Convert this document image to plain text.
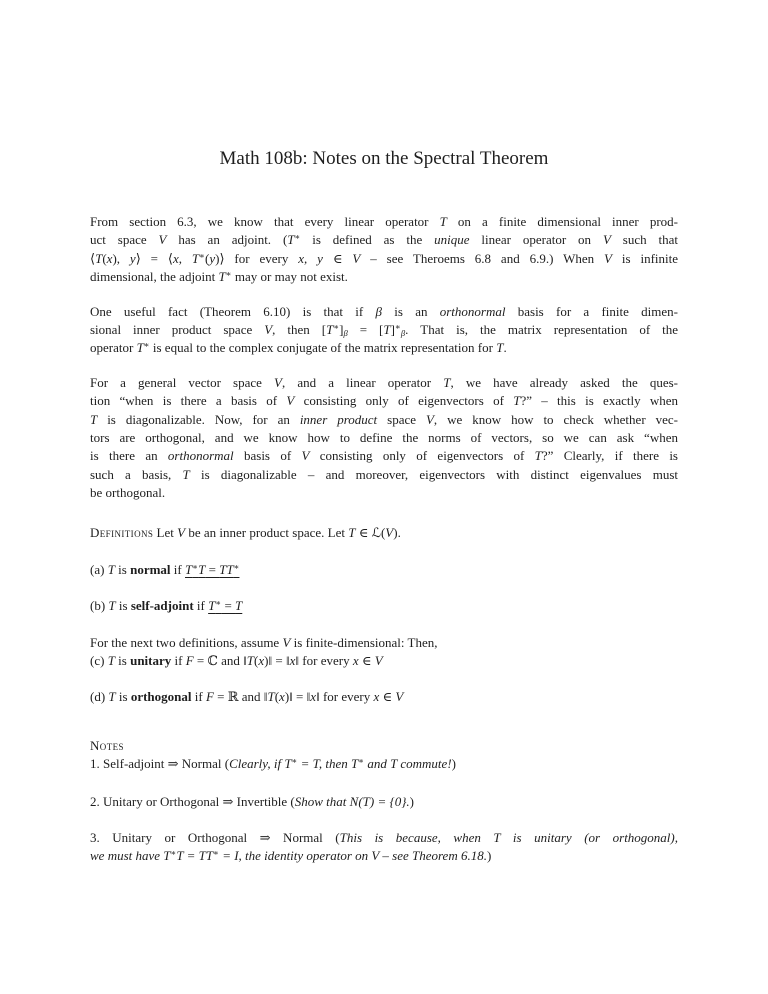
Math 108b: Notes on the Spectral Theorem
From section 6.3, we know that every linear operator T on a finite dimensional inner prod-
uct space V has an adjoint. (T∗ is defined as the unique linear operator on V such that
⟨T(x), y⟩ = ⟨x, T∗(y)⟩ for every x, y ∈ V – see Theroems 6.8 and 6.9.) When V is infinite
dimensional, the adjoint T∗ may or may not exist.
One useful fact (Theorem 6.10) is that if β is an orthonormal basis for a finite dimen-
sional inner product space V, then $[T^∗]_\beta = [T]^∗_\beta$. That is, the matrix representation of the
operator T∗ is equal to the complex conjugate of the matrix representation for T.
For a general vector space V, and a linear operator T, we have already asked the ques-
tion “when is there a basis of V consisting only of eigenvectors of T?” – this is exactly when
T is diagonalizable. Now, for an inner product space V, we know how to check whether vec-
tors are orthogonal, and we know how to define the norms of vectors, so we can ask “when
is there an orthonormal basis of V consisting only of eigenvectors of T?” Clearly, if there is
such a basis, T is diagonalizable – and moreover, eigenvectors with distinct eigenvalues must
be orthogonal.
Definitions Let V be an inner product space. Let T ∈ ℒ(V).
(a) T is normal if T∗T = TT∗
(b) T is self-adjoint if T∗ = T
For the next two definitions, assume V is finite-dimensional: Then,
(c) T is unitary if F = ℂ and ‖T(x)‖ = ‖x‖ for every x ∈ V
(d) T is orthogonal if F = ℝ and ‖T(x)‖ = ‖x‖ for every x ∈ V
Notes
1. Self-adjoint ⇒ Normal (Clearly, if T∗ = T, then T∗ and T commute!)
2. Unitary or Orthogonal ⇒ Invertible (Show that N(T) = {0}.)
3. Unitary or Orthogonal ⇒ Normal (This is because, when T is unitary (or orthogonal),
we must have T∗T = TT∗ = I, the identity operator on V – see Theorem 6.18.)
